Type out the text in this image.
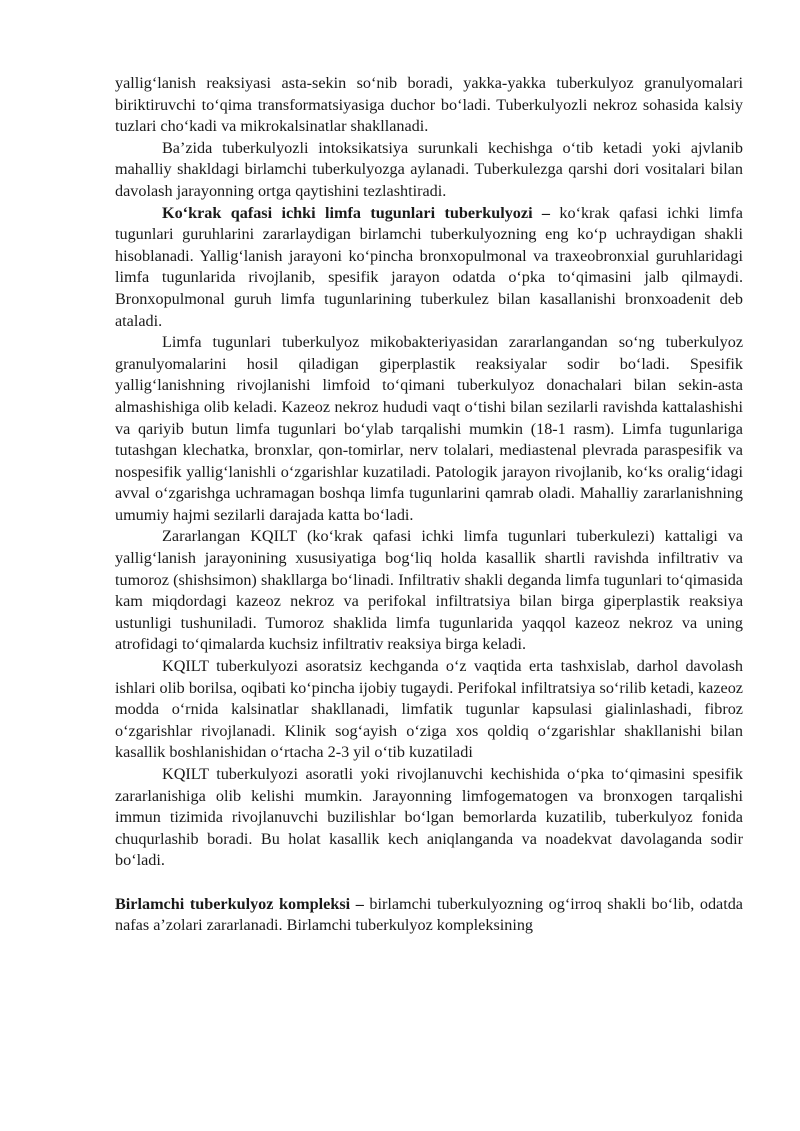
yallig‘lanish reaksiyasi asta-sekin so‘nib boradi, yakka-yakka tuberkulyoz granulyomalari biriktiruvchi to‘qima transformatsiyasiga duchor bo‘ladi. Tuberkulyozli nekroz sohasida kalsiy tuzlari cho‘kadi va mikrokalsinatlar shakllanadi.

Ba’zida tuberkulyozli intoksikatsiya surunkali kechishga o‘tib ketadi yoki ajvlanib mahalliy shakldagi birlamchi tuberkulyozga aylanadi. Tuberkulezga qarshi dori vositalari bilan davolash jarayonning ortga qaytishini tezlashtiradi.

Ko‘krak qafasi ichki limfa tugunlari tuberkulyozi – ko‘krak qafasi ichki limfa tugunlari guruhlarini zararlaydigan birlamchi tuberkulyozning eng ko‘p uchraydigan shakli hisoblanadi. Yallig‘lanish jarayoni ko‘pincha bronxopulmonal va traxeobronxial guruhlaridagi limfa tugunlarida rivojlanib, spesifik jarayon odatda o‘pka to‘qimasini jalb qilmaydi. Bronxopulmonal guruh limfa tugunlarining tuberkulez bilan kasallanishi bronxoadenit deb ataladi.

Limfa tugunlari tuberkulyoz mikobakteriyasidan zararlangandan so‘ng tuberkulyoz granulyomalarini hosil qiladigan giperplastik reaksiyalar sodir bo‘ladi. Spesifik yallig‘lanishning rivojlanishi limfoid to‘qimani tuberkulyoz donachalari bilan sekin-asta almashishiga olib keladi. Kazeoz nekroz hududi vaqt o‘tishi bilan sezilarli ravishda kattalashishi va qariyib butun limfa tugunlari bo‘ylab tarqalishi mumkin (18-1 rasm). Limfa tugunlariga tutashgan klechatka, bronxlar, qon-tomirlar, nerv tolalari, mediastenal plevrada paraspesifik va nospesifik yallig‘lanishli o‘zgarishlar kuzatiladi. Patologik jarayon rivojlanib, ko‘ks oralig‘idagi avval o‘zgarishga uchramagan boshqa limfa tugunlarini qamrab oladi. Mahalliy zararlanishning umumiy hajmi sezilarli darajada katta bo‘ladi.

Zararlangan KQILT (ko‘krak qafasi ichki limfa tugunlari tuberkulezi) kattaligi va yallig‘lanish jarayonining xususiyatiga bog‘liq holda kasallik shartli ravishda infiltrativ va tumoroz (shishsimon) shakllarga bo‘linadi. Infiltrativ shakli deganda limfa tugunlari to‘qimasida kam miqdordagi kazeoz nekroz va perifokal infiltratsiya bilan birga giperplastik reaksiya ustunligi tushuniladi. Tumoroz shaklida limfa tugunlarida yaqqol kazeoz nekroz va uning atrofidagi to‘qimalarda kuchsiz infiltrativ reaksiya birga keladi.

KQILT tuberkulyozi asoratsiz kechganda o‘z vaqtida erta tashxislab, darhol davolash ishlari olib borilsa, oqibati ko‘pincha ijobiy tugaydi. Perifokal infiltratsiya so‘rilib ketadi, kazeoz modda o‘rnida kalsinatlar shakllanadi, limfatik tugunlar kapsulasi gialinlashadi, fibroz o‘zgarishlar rivojlanadi. Klinik sog‘ayish o‘ziga xos qoldiq o‘zgarishlar shakllanishi bilan kasallik boshlanishidan o‘rtacha 2-3 yil o‘tib kuzatiladi

KQILT tuberkulyozi asoratli yoki rivojlanuvchi kechishida o‘pka to‘qimasini spesifik zararlanishiga olib kelishi mumkin. Jarayonning limfogematogen va bronxogen tarqalishi immun tizimida rivojlanuvchi buzilishlar bo‘lgan bemorlarda kuzatilib, tuberkulyoz fonida chuqurlashib boradi. Bu holat kasallik kech aniqlanganda va noadekvat davolaganda sodir bo‘ladi.

Birlamchi tuberkulyoz kompleksi – birlamchi tuberkulyozning og‘irroq shakli bo‘lib, odatda nafas a’zolari zararlanadi. Birlamchi tuberkulyoz kompleksining
